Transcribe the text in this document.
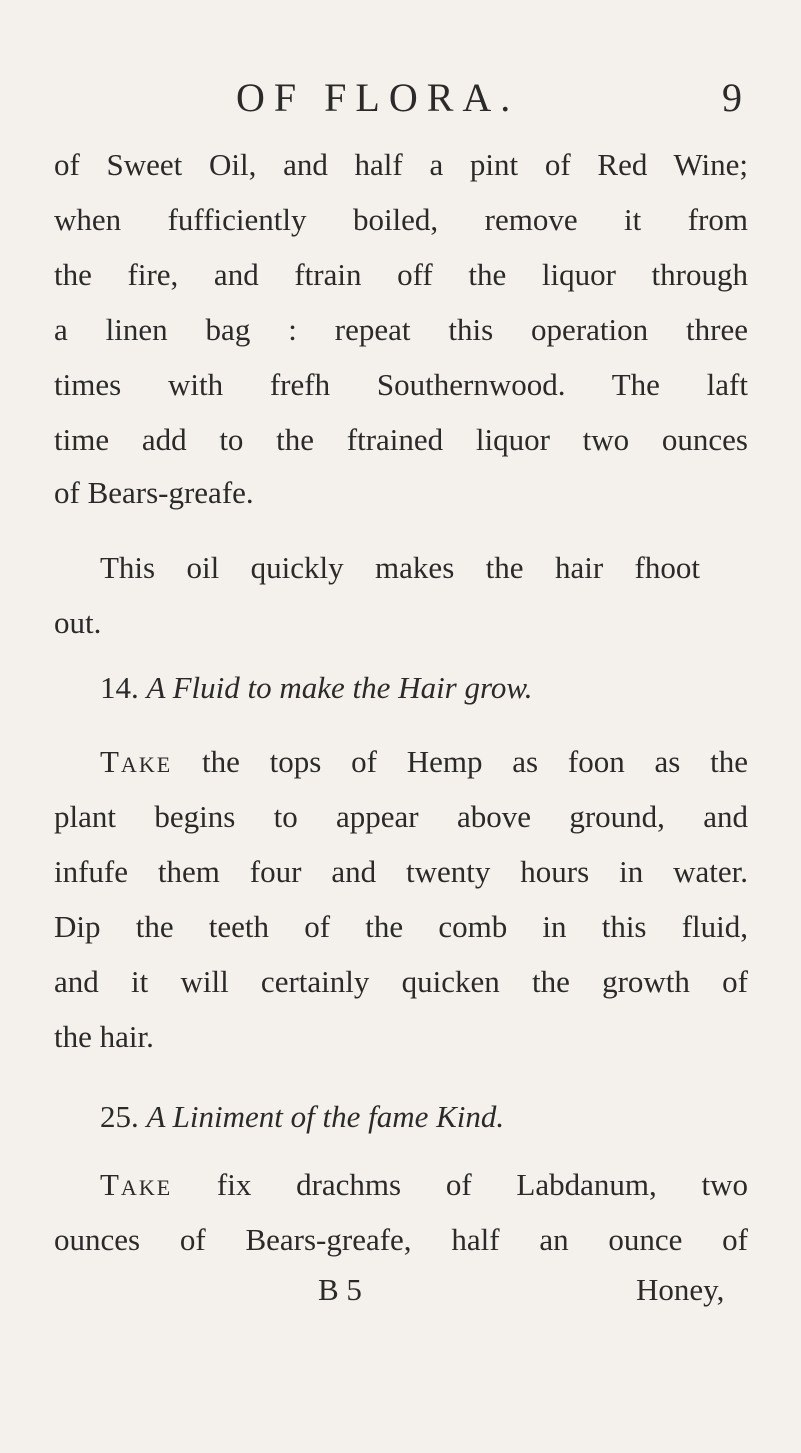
OF FLORA.	9
of Sweet Oil, and half a pint of Red Wine;
when fufficiently boiled, remove it from
the fire, and ftrain off the liquor through
a linen bag : repeat this operation three
times with frefh Southernwood. The laft
time add to the ftrained liquor two ounces
of Bears-greafe.
This oil quickly makes the hair fhoot
out.
14. A Fluid to make the Hair grow.
Take the tops of Hemp as foon as the
plant begins to appear above ground, and
infufe them four and twenty hours in water.
Dip the teeth of the comb in this fluid,
and it will certainly quicken the growth of
the hair.
25. A Liniment of the fame Kind.
Take fix drachms of Labdanum, two
ounces of Bears-greafe, half an ounce of
B 5	Honey,
